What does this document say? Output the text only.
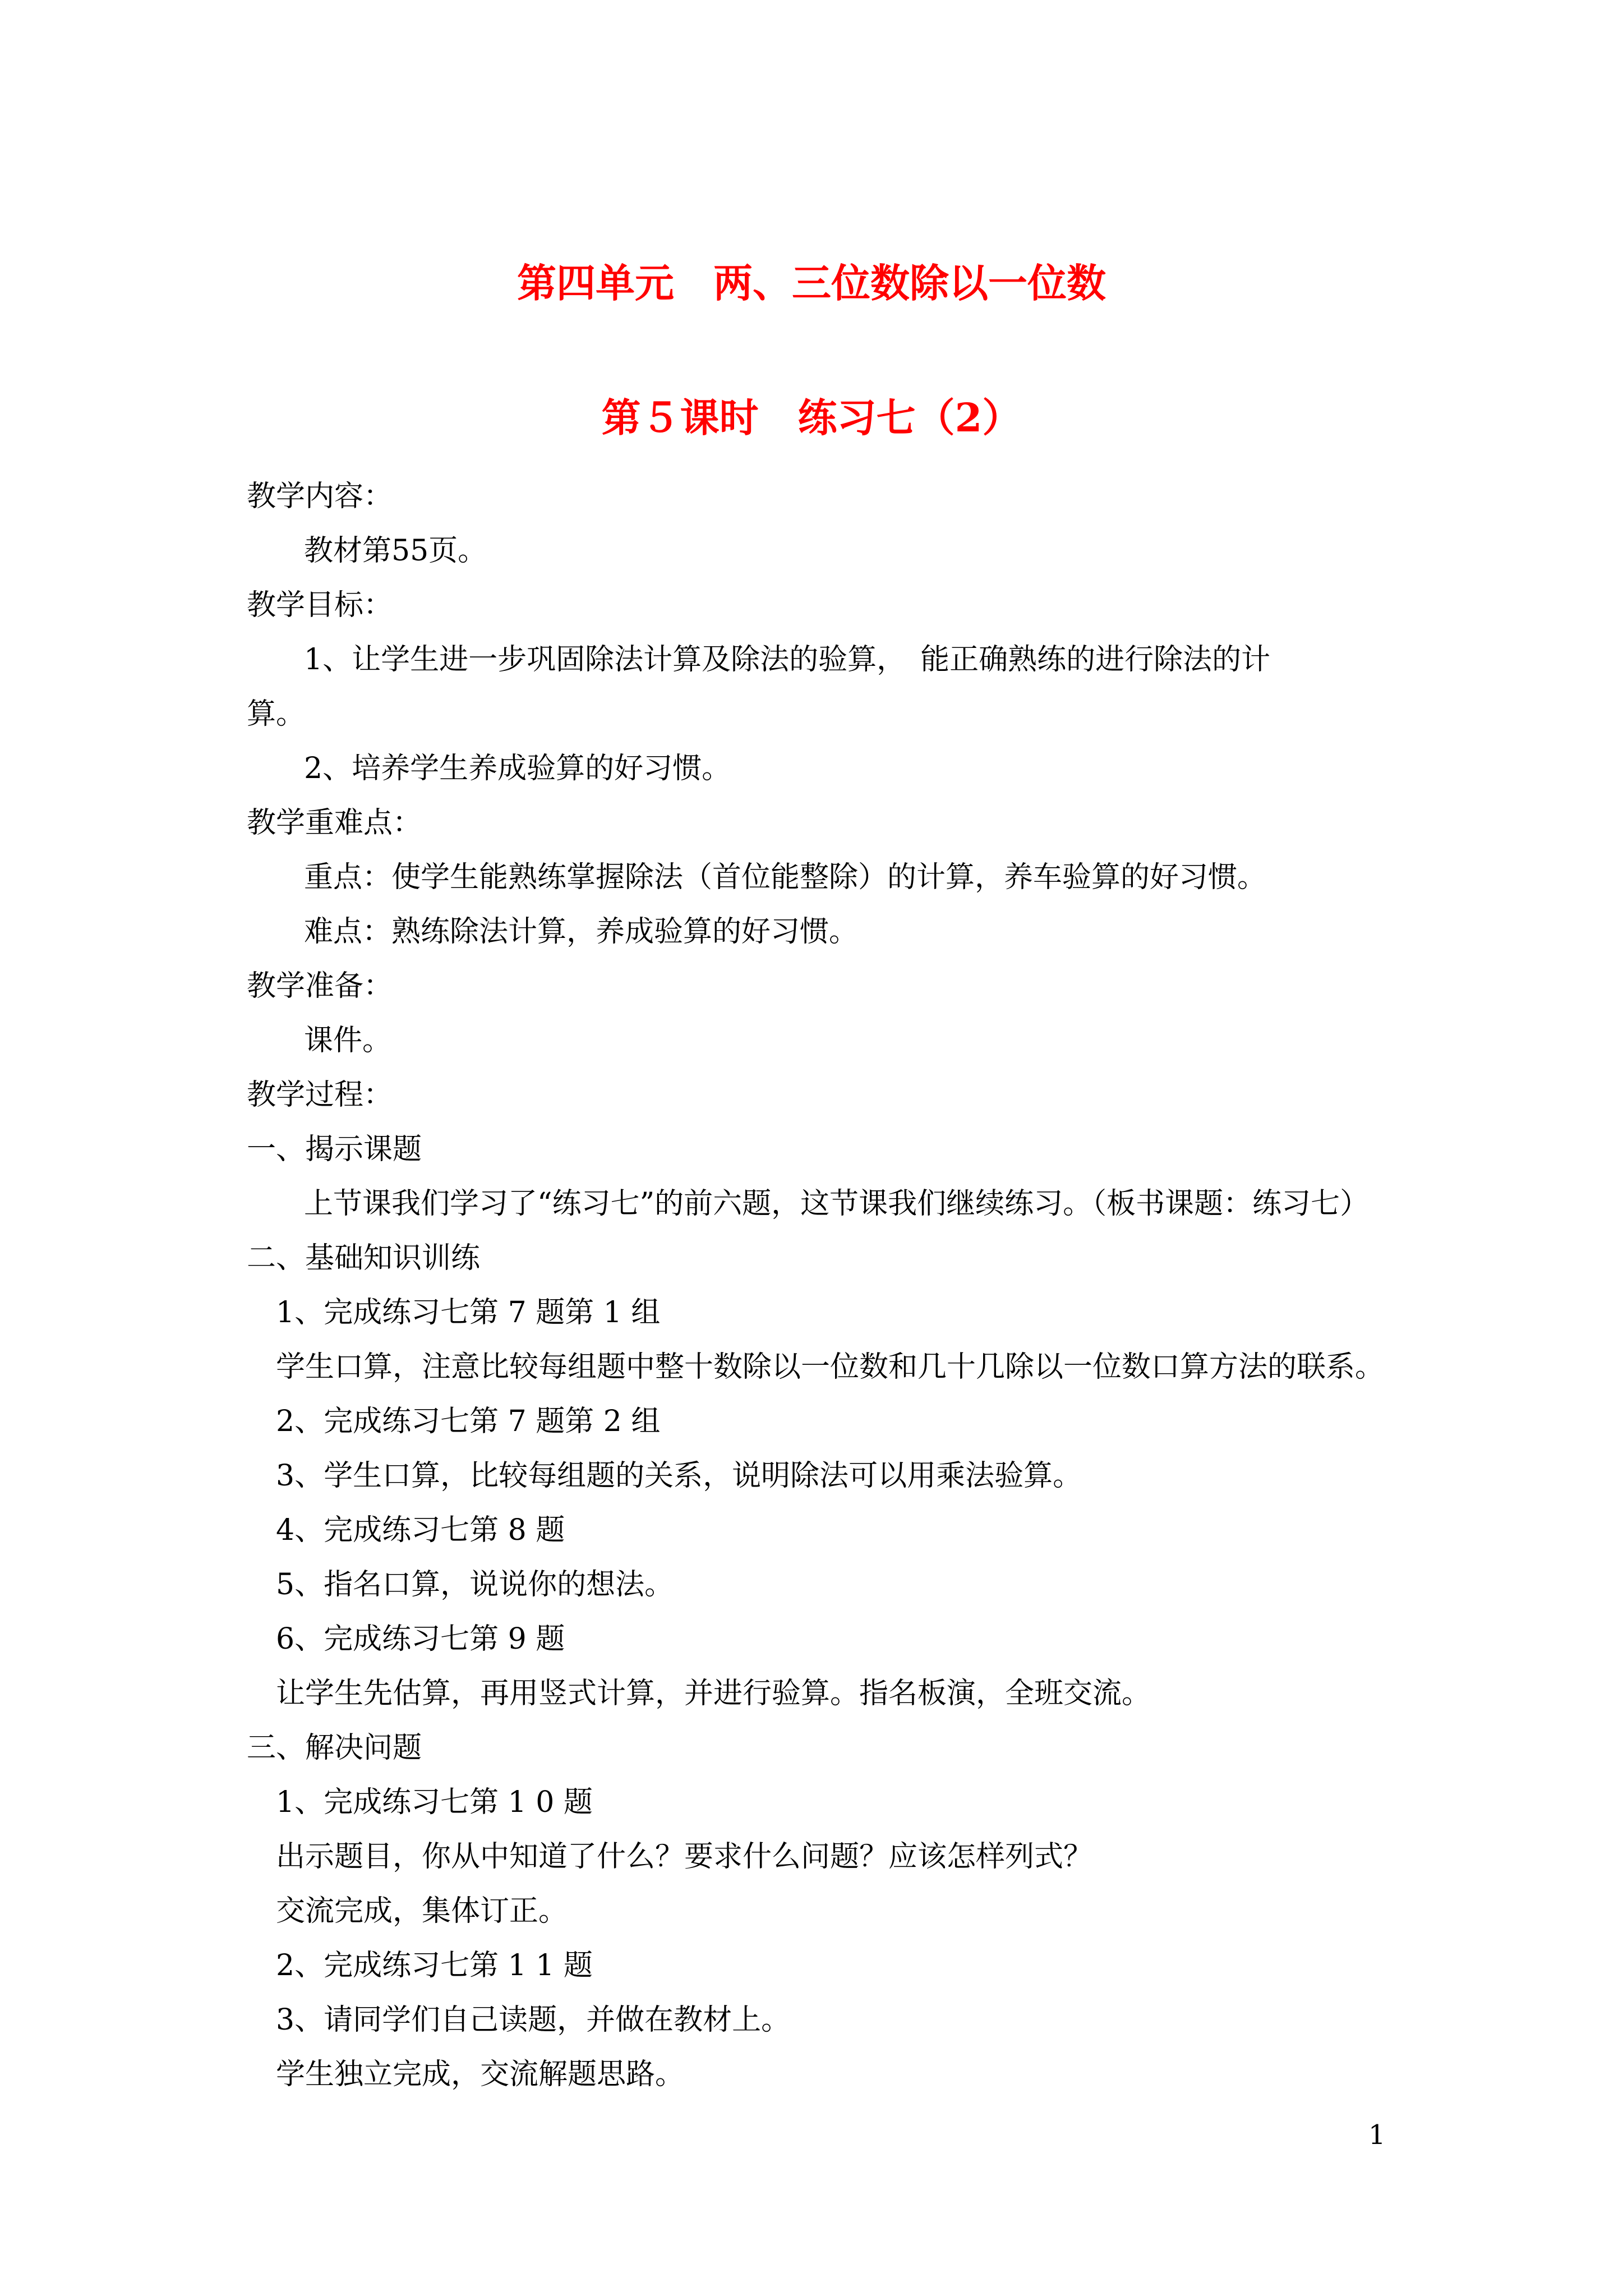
第四单元　两、三位数除以一位数
第５课时　练习七（2）
教学内容：
教材第55页。
教学目标：
1、让学生进一步巩固除法计算及除法的验算，　能正确熟练的进行除法的计
算。
2、培养学生养成验算的好习惯。
教学重难点：
重点：使学生能熟练掌握除法（首位能整除）的计算，养车验算的好习惯。
难点：熟练除法计算，养成验算的好习惯。
教学准备：
课件。
教学过程：
一、揭示课题
上节课我们学习了“练习七”的前六题，这节课我们继续练习。（板书课题：练习七）
二、基础知识训练
1、完成练习七第 7 题第 1 组
学生口算，注意比较每组题中整十数除以一位数和几十几除以一位数口算方法的联系。
2、完成练习七第 7 题第 2 组
3、学生口算，比较每组题的关系，说明除法可以用乘法验算。
4、完成练习七第 8 题
5、指名口算，说说你的想法。
6、完成练习七第 9 题
让学生先估算，再用竖式计算，并进行验算。指名板演，全班交流。
三、解决问题
1、完成练习七第 1 0 题
出示题目，你从中知道了什么？要求什么问题？应该怎样列式？
交流完成，集体订正。
2、完成练习七第 1 1 题
3、请同学们自己读题，并做在教材上。
学生独立完成，交流解题思路。
1
